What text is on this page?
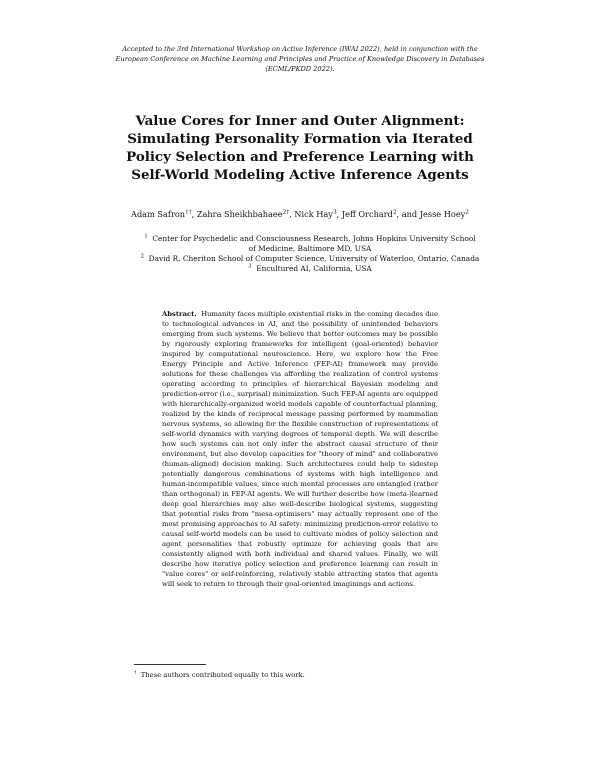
Accepted to the 3rd International Workshop on Active Inference (IWAI 2022), held in conjunction with the European Conference on Machine Learning and Principles and Practice of Knowledge Discovery in Databases (ECML/PKDD 2022).
Value Cores for Inner and Outer Alignment: Simulating Personality Formation via Iterated Policy Selection and Preference Learning with Self-World Modeling Active Inference Agents
Adam Safron$^{1\dagger}$, Zahra Sheikhbahaee$^{2\dagger}$, Nick Hay$^3$, Jeff Orchard$^2$, and Jesse Hoey$^2$
$^1$ Center for Psychedelic and Consciousness Research, Johns Hopkins University School of Medicine, Baltimore MD, USA
$^2$ David R. Cheriton School of Computer Science, University of Waterloo, Ontario, Canada
$^3$ Encultured AI, California, USA
Abstract. Humanity faces multiple existential risks in the coming decades due to technological advances in AI, and the possibility of unintended behaviors emerging from such systems. We believe that better outcomes may be possible by rigorously exploring frameworks for intelligent (goal-oriented) behavior inspired by computational neuroscience. Here, we explore how the Free Energy Principle and Active Inference (FEP-AI) framework may provide solutions for these challenges via affording the realization of control systems operating according to principles of hierarchical Bayesian modeling and prediction-error (i.e., surprisal) minimization. Such FEP-AI agents are equipped with hierarchically-organized world models capable of counterfactual planning, realized by the kinds of reciprocal message passing performed by mammalian nervous systems, so allowing for the flexible construction of representations of self-world dynamics with varying degrees of temporal depth. We will describe how such systems can not only infer the abstract causal structure of their environment, but also develop capacities for "theory of mind" and collaborative (human-aligned) decision making. Such architectures could help to sidestep potentially dangerous combinations of systems with high intelligence and human-incompatible values, since such mental processes are entangled (rather than orthogonal) in FEP-AI agents. We will further describe how (meta-)learned deep goal hierarchies may also well-describe biological systems, suggesting that potential risks from "mesa-optimisers" may actually represent one of the most promising approaches to AI safety: minimizing prediction-error relative to causal self-world models can be used to cultivate modes of policy selection and agent personalities that robustly optimize for achieving goals that are consistently aligned with both individual and shared values. Finally, we will describe how iterative policy selection and preference learning can result in "value cores" or self-reinforcing, relatively stable attracting states that agents will seek to return to through their goal-oriented imaginings and actions.
† These authors contributed equally to this work.
